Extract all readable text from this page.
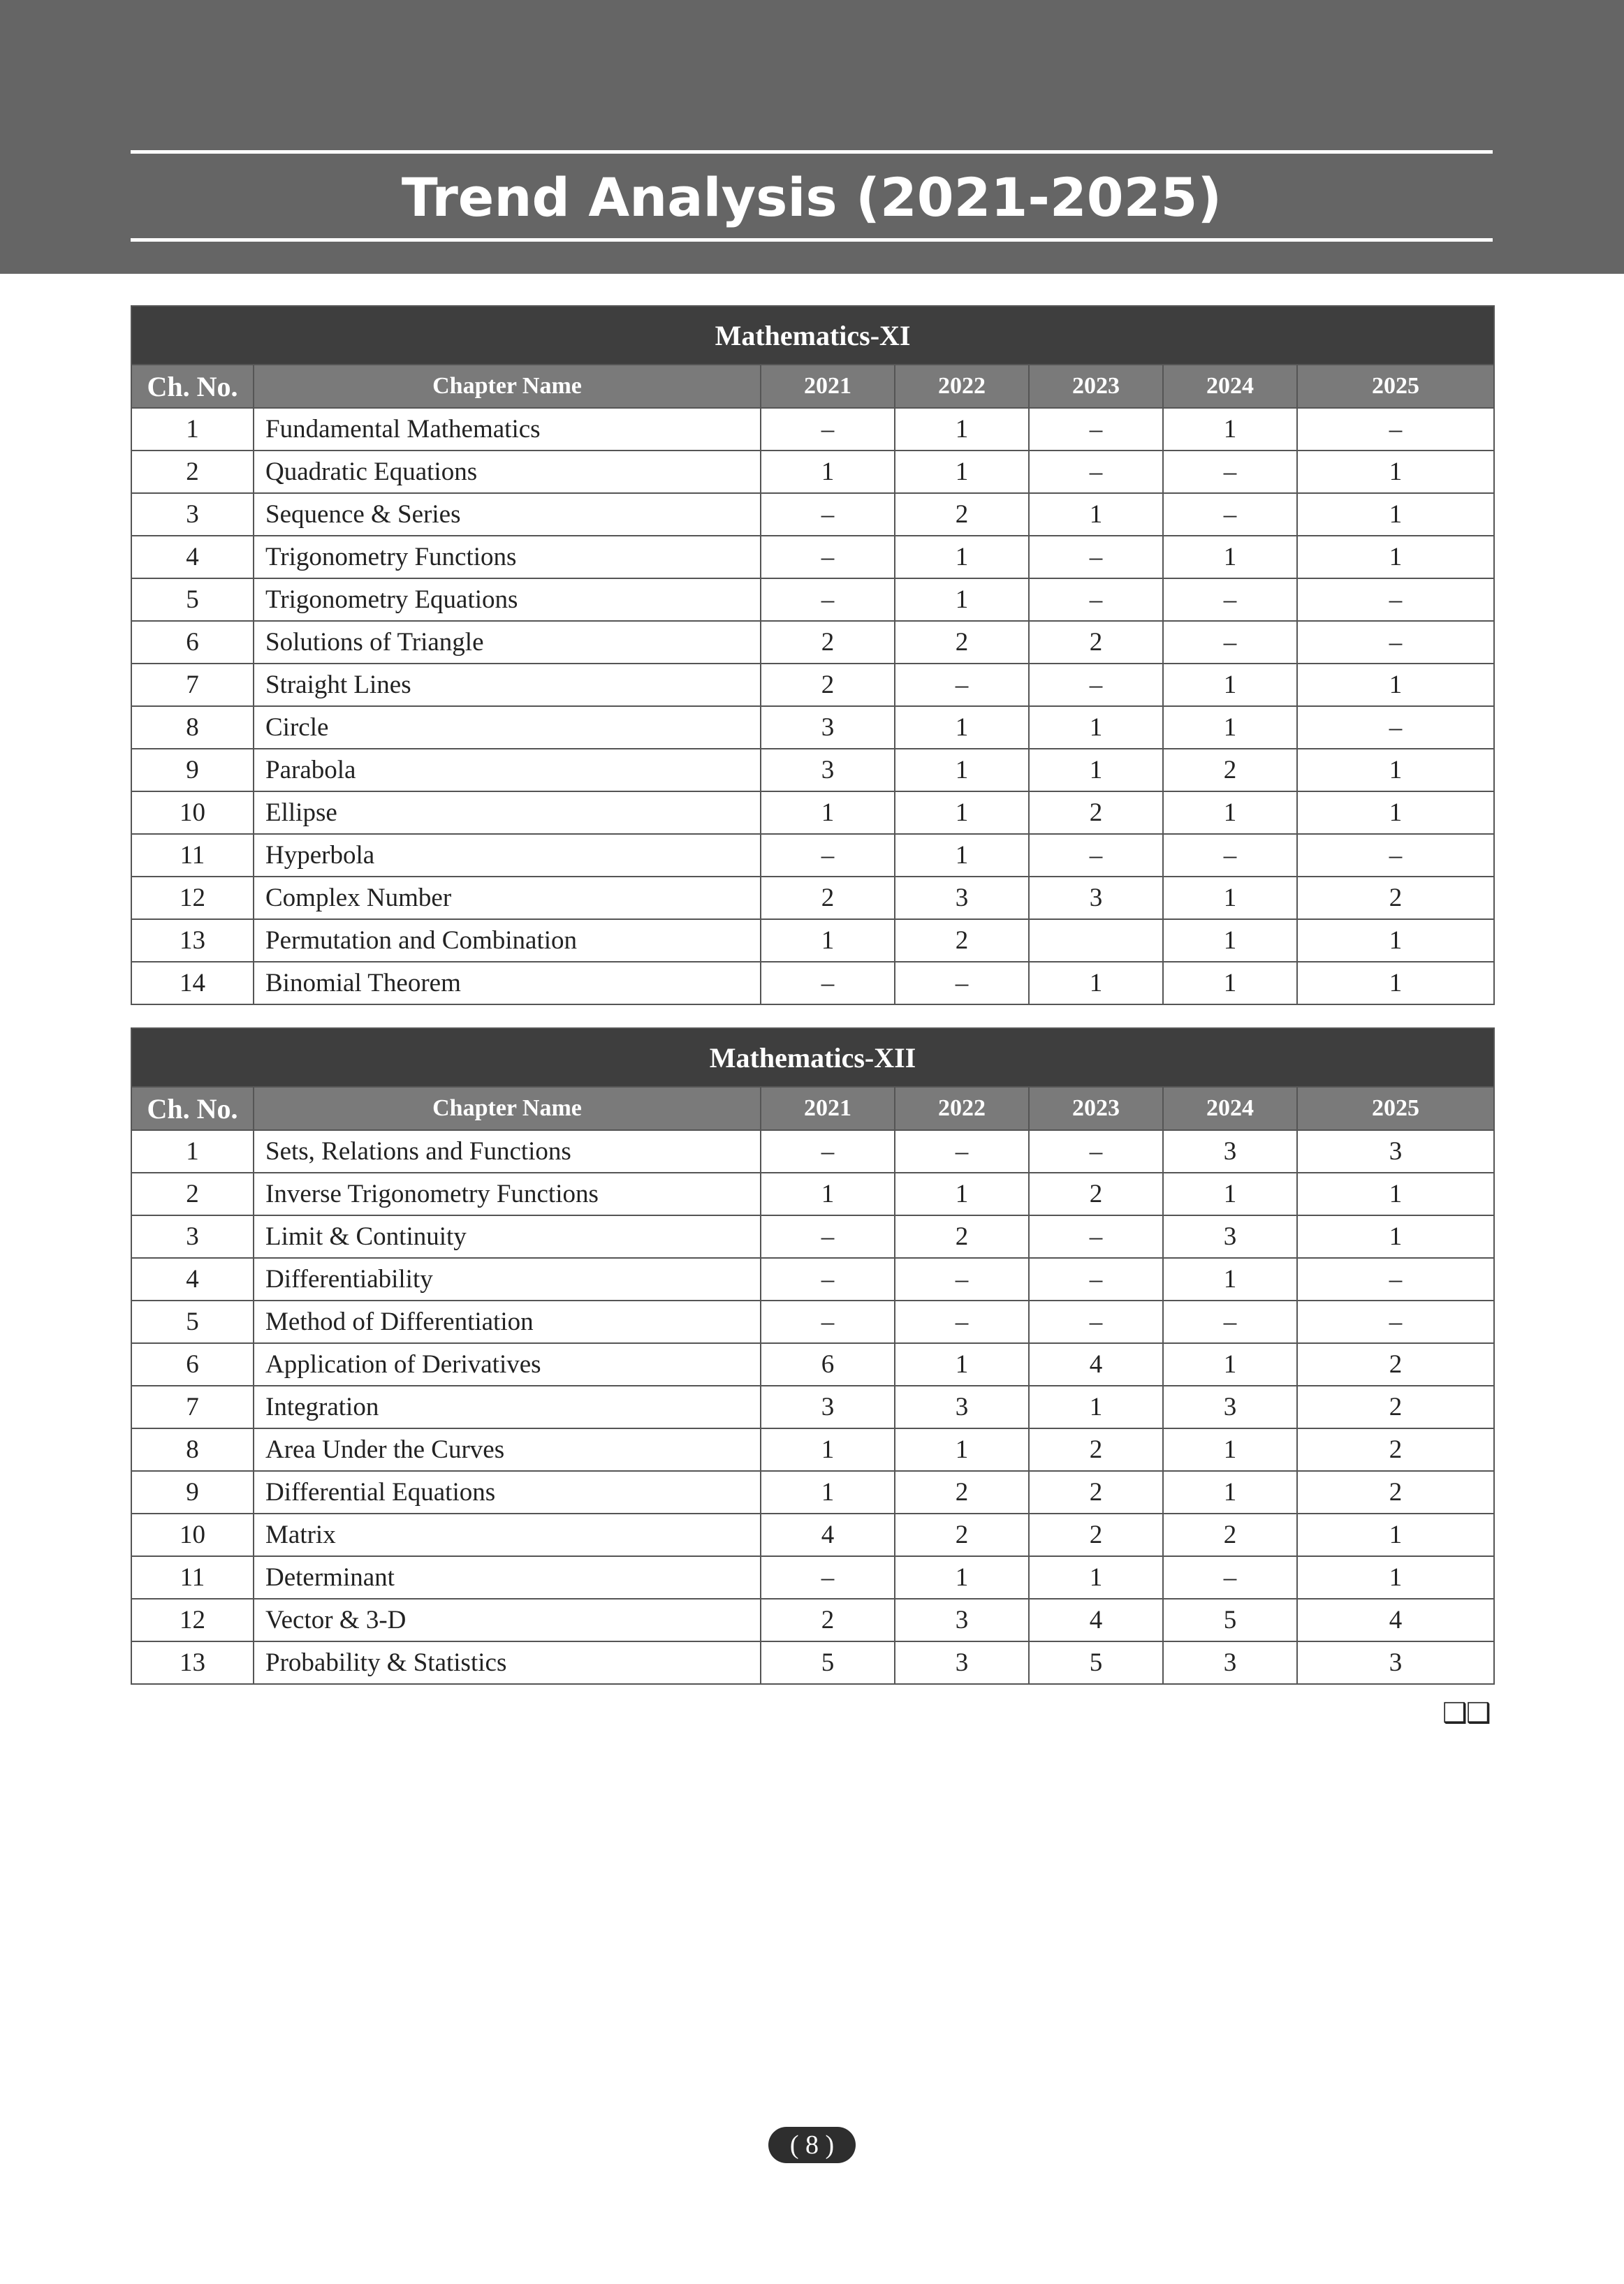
Trend Analysis (2021-2025)
Mathematics-XI						
Ch. No.	Chapter Name	2021	2022	2023	2024	2025
1	Fundamental Mathematics	–	1	–	1	–
2	Quadratic Equations	1	1	–	–	1
3	Sequence & Series	–	2	1	–	1
4	Trigonometry Functions	–	1	–	1	1
5	Trigonometry Equations	–	1	–	–	–
6	Solutions of Triangle	2	2	2	–	–
7	Straight Lines	2	–	–	1	1
8	Circle	3	1	1	1	–
9	Parabola	3	1	1	2	1
10	Ellipse	1	1	2	1	1
11	Hyperbola	–	1	–	–	–
12	Complex Number	2	3	3	1	2
13	Permutation and Combination	1	2		1	1
14	Binomial Theorem	–	–	1	1	1
Mathematics-XII						
Ch. No.	Chapter Name	2021	2022	2023	2024	2025
1	Sets, Relations and Functions	–	–	–	3	3
2	Inverse Trigonometry Functions	1	1	2	1	1
3	Limit & Continuity	–	2	–	3	1
4	Differentiability	–	–	–	1	–
5	Method of Differentiation	–	–	–	–	–
6	Application of Derivatives	6	1	4	1	2
7	Integration	3	3	1	3	2
8	Area Under the Curves	1	1	2	1	2
9	Differential Equations	1	2	2	1	2
10	Matrix	4	2	2	2	1
11	Determinant	–	1	1	–	1
12	Vector & 3-D	2	3	4	5	4
13	Probability & Statistics	5	3	5	3	3
❑❑
( 8 )
